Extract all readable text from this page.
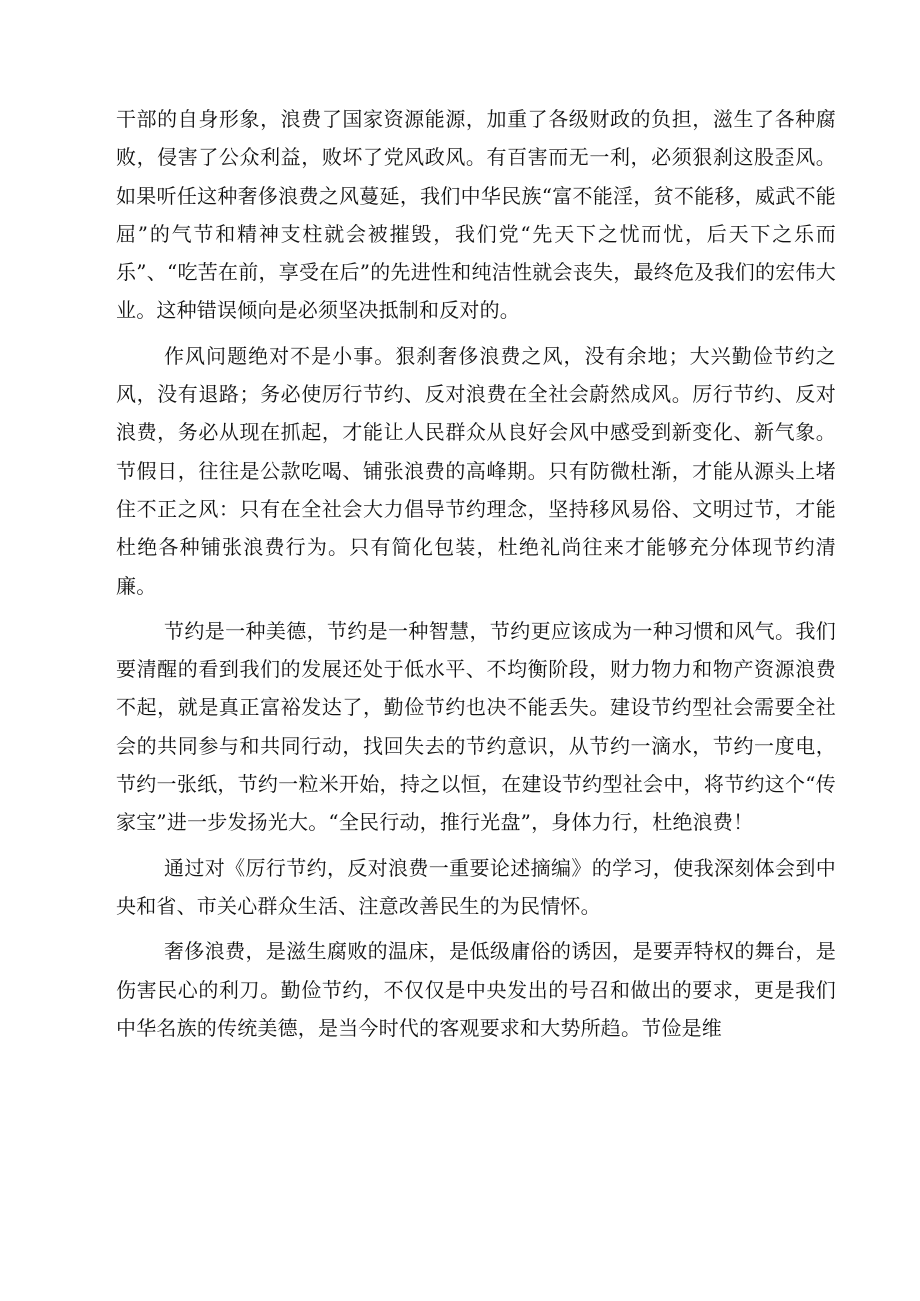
干部的自身形象，浪费了国家资源能源，加重了各级财政的负担，滋生了各种腐败，侵害了公众利益，败坏了党风政风。有百害而无一利，必须狠刹这股歪风。如果听任这种奢侈浪费之风蔓延，我们中华民族“富不能淫，贫不能移，威武不能屈”的气节和精神支柱就会被摧毁，我们党“先天下之忧而忧，后天下之乐而乐”、“吃苦在前，享受在后”的先进性和纯洁性就会丧失，最终危及我们的宏伟大业。这种错误倾向是必须坚决抵制和反对的。

作风问题绝对不是小事。狠刹奢侈浪费之风，没有余地；大兴勤俭节约之风，没有退路；务必使厉行节约、反对浪费在全社会蔚然成风。厉行节约、反对浪费，务必从现在抓起，才能让人民群众从良好会风中感受到新变化、新气象。节假日，往往是公款吃喝、铺张浪费的高峰期。只有防微杜渐，才能从源头上堵住不正之风：只有在全社会大力倡导节约理念，坚持移风易俗、文明过节，才能杜绝各种铺张浪费行为。只有简化包装，杜绝礼尚往来才能够充分体现节约清廉。

节约是一种美德，节约是一种智慧，节约更应该成为一种习惯和风气。我们要清醒的看到我们的发展还处于低水平、不均衡阶段，财力物力和物产资源浪费不起，就是真正富裕发达了，勤俭节约也决不能丢失。建设节约型社会需要全社会的共同参与和共同行动，找回失去的节约意识，从节约一滴水，节约一度电，节约一张纸，节约一粒米开始，持之以恒，在建设节约型社会中，将节约这个“传家宝”进一步发扬光大。“全民行动，推行光盘”，身体力行，杜绝浪费！

通过对《厉行节约，反对浪费一重要论述摘编》的学习，使我深刻体会到中央和省、市关心群众生活、注意改善民生的为民情怀。

奢侈浪费，是滋生腐败的温床，是低级庸俗的诱因，是要弄特权的舞台，是伤害民心的利刀。勤俭节约，不仅仅是中央发出的号召和做出的要求，更是我们中华名族的传统美德，是当今时代的客观要求和大势所趋。节俭是维
